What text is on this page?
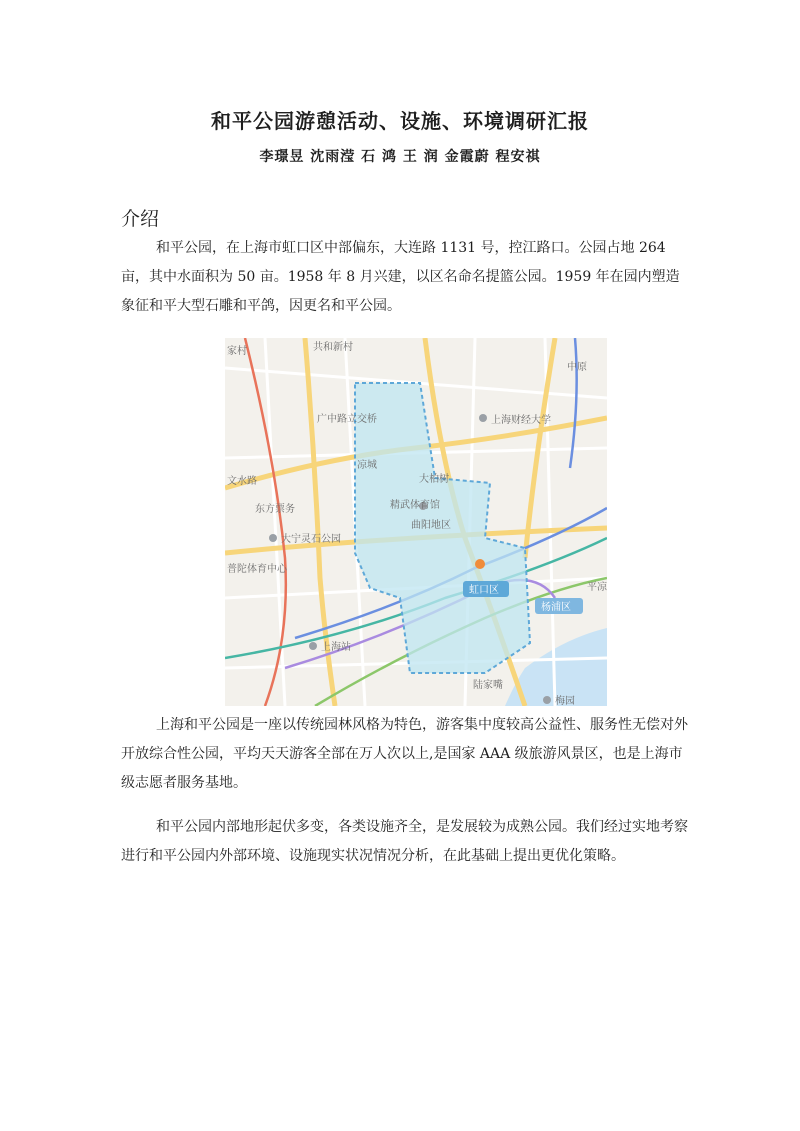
和平公园游憩活动、设施、环境调研汇报
李璟昱 沈雨滢 石 鸿 王 润 金霞蔚 程安祺
介绍

和平公园，在上海市虹口区中部偏东，大连路 1131 号，控江路口。公园占地 264 亩，其中水面积为 50 亩。1958 年 8 月兴建，以区名命名提篮公园。1959 年在园内塑造象征和平大型石雕和平鸽，因更名和平公园。

家村	共和新村
中原
广中路立交桥	上海财经大学
文水路
凉城
大柏树
精武体育馆
曲阳地区
东方票务
大宁灵石公园
普陀体育中心
虹口区
杨浦区
平凉
上海站
陆家嘴
梅园

上海和平公园是一座以传统园林风格为特色，游客集中度较高公益性、服务性无偿对外开放综合性公园，平均天天游客全部在万人次以上,是国家 AAA 级旅游风景区，也是上海市级志愿者服务基地。

和平公园内部地形起伏多变，各类设施齐全，是发展较为成熟公园。我们经过实地考察进行和平公园内外部环境、设施现实状况情况分析，在此基础上提出更优化策略。
